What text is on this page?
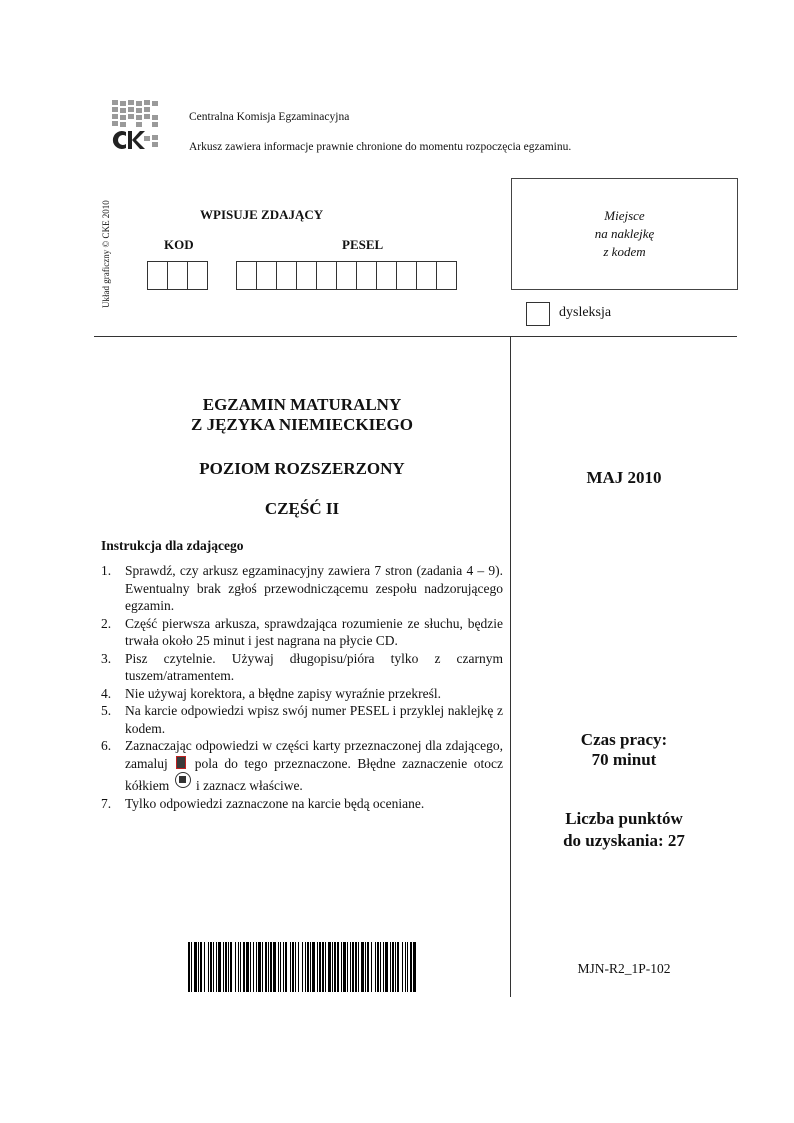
Centralna Komisja Egzaminacyjna
Arkusz zawiera informacje prawnie chronione do momentu rozpoczęcia egzaminu.
Układ graficzny © CKE 2010	WPISUJE ZDAJĄCY
KOD	PESEL
Miejsce
na naklejkę
z kodem
dysleksja
EGZAMIN MATURALNY
Z JĘZYKA NIEMIECKIEGO
POZIOM ROZSZERZONY
CZĘŚĆ II
MAJ 2010
Czas pracy:
70 minut
Liczba punktów
do uzyskania: 27
Instrukcja dla zdającego
1. Sprawdź, czy arkusz egzaminacyjny zawiera 7 stron (zadania 4 – 9). Ewentualny brak zgłoś przewodniczącemu zespołu nadzorującego egzamin.
2. Część pierwsza arkusza, sprawdzająca rozumienie ze słuchu, będzie trwała około 25 minut i jest nagrana na płycie CD.
3. Pisz czytelnie. Używaj długopisu/pióra tylko z czarnym tuszem/atramentem.
4. Nie używaj korektora, a błędne zapisy wyraźnie przekreśl.
5. Na karcie odpowiedzi wpisz swój numer PESEL i przyklej naklejkę z kodem.
6. Zaznaczając odpowiedzi w części karty przeznaczonej dla zdającego, zamaluj pola do tego przeznaczone. Błędne zaznaczenie otocz kółkiem i zaznacz właściwe.
7. Tylko odpowiedzi zaznaczone na karcie będą oceniane.
MJN-R2_1P-102
